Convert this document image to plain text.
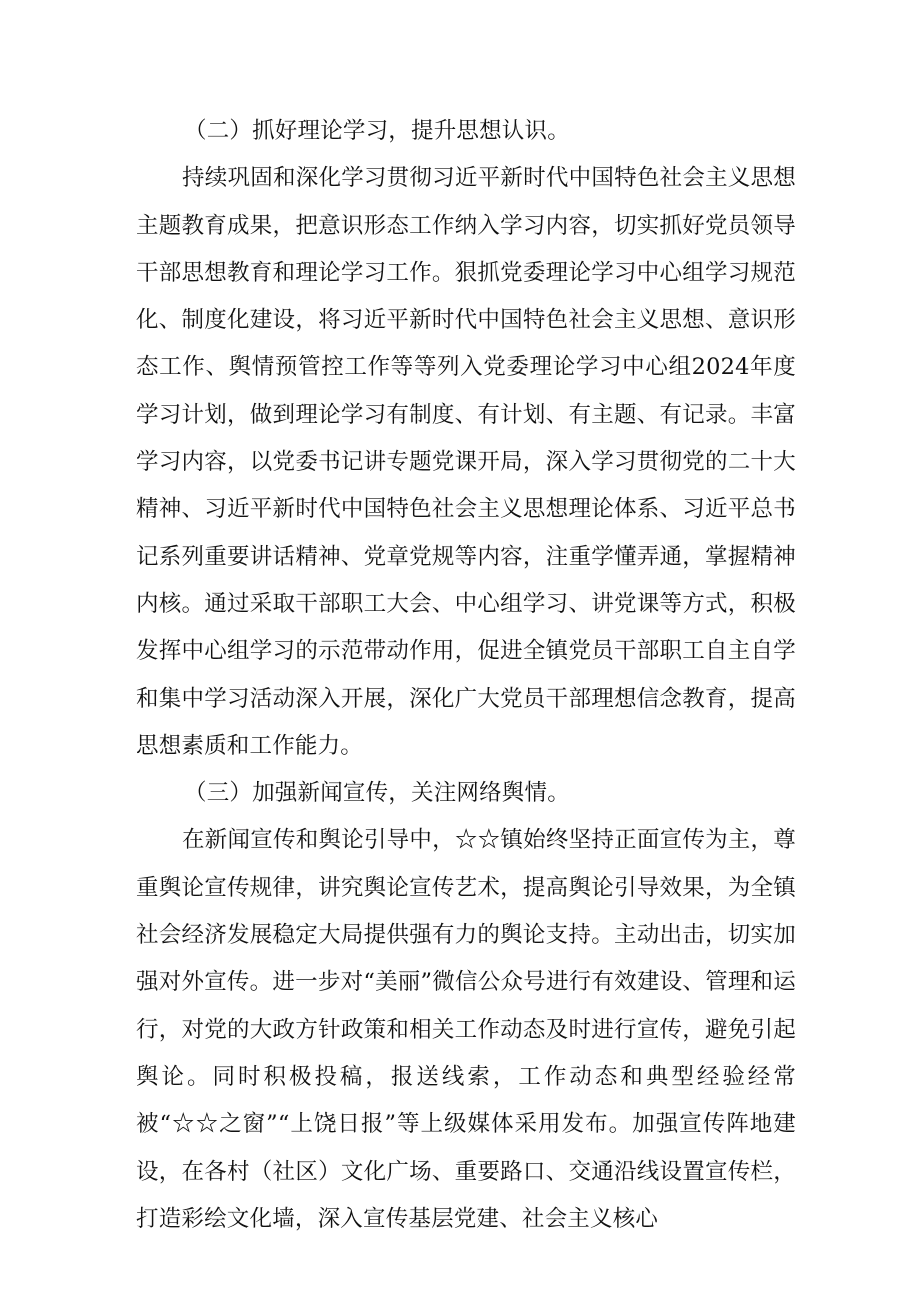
（二）抓好理论学习，提升思想认识。

持续巩固和深化学习贯彻习近平新时代中国特色社会主义思想主题教育成果，把意识形态工作纳入学习内容，切实抓好党员领导干部思想教育和理论学习工作。狠抓党委理论学习中心组学习规范化、制度化建设，将习近平新时代中国特色社会主义思想、意识形态工作、舆情预管控工作等等列入党委理论学习中心组2024年度学习计划，做到理论学习有制度、有计划、有主题、有记录。丰富学习内容，以党委书记讲专题党课开局，深入学习贯彻党的二十大精神、习近平新时代中国特色社会主义思想理论体系、习近平总书记系列重要讲话精神、党章党规等内容，注重学懂弄通，掌握精神内核。通过采取干部职工大会、中心组学习、讲党课等方式，积极发挥中心组学习的示范带动作用，促进全镇党员干部职工自主自学和集中学习活动深入开展，深化广大党员干部理想信念教育，提高思想素质和工作能力。

（三）加强新闻宣传，关注网络舆情。

在新闻宣传和舆论引导中，☆☆镇始终坚持正面宣传为主，尊重舆论宣传规律，讲究舆论宣传艺术，提高舆论引导效果，为全镇社会经济发展稳定大局提供强有力的舆论支持。主动出击，切实加强对外宣传。进一步对“美丽”微信公众号进行有效建设、管理和运行，对党的大政方针政策和相关工作动态及时进行宣传，避免引起舆论。同时积极投稿，报送线索，工作动态和典型经验经常被“☆☆之窗”“上饶日报”等上级媒体采用发布。加强宣传阵地建设，在各村（社区）文化广场、重要路口、交通沿线设置宣传栏，打造彩绘文化墙，深入宣传基层党建、社会主义核心
